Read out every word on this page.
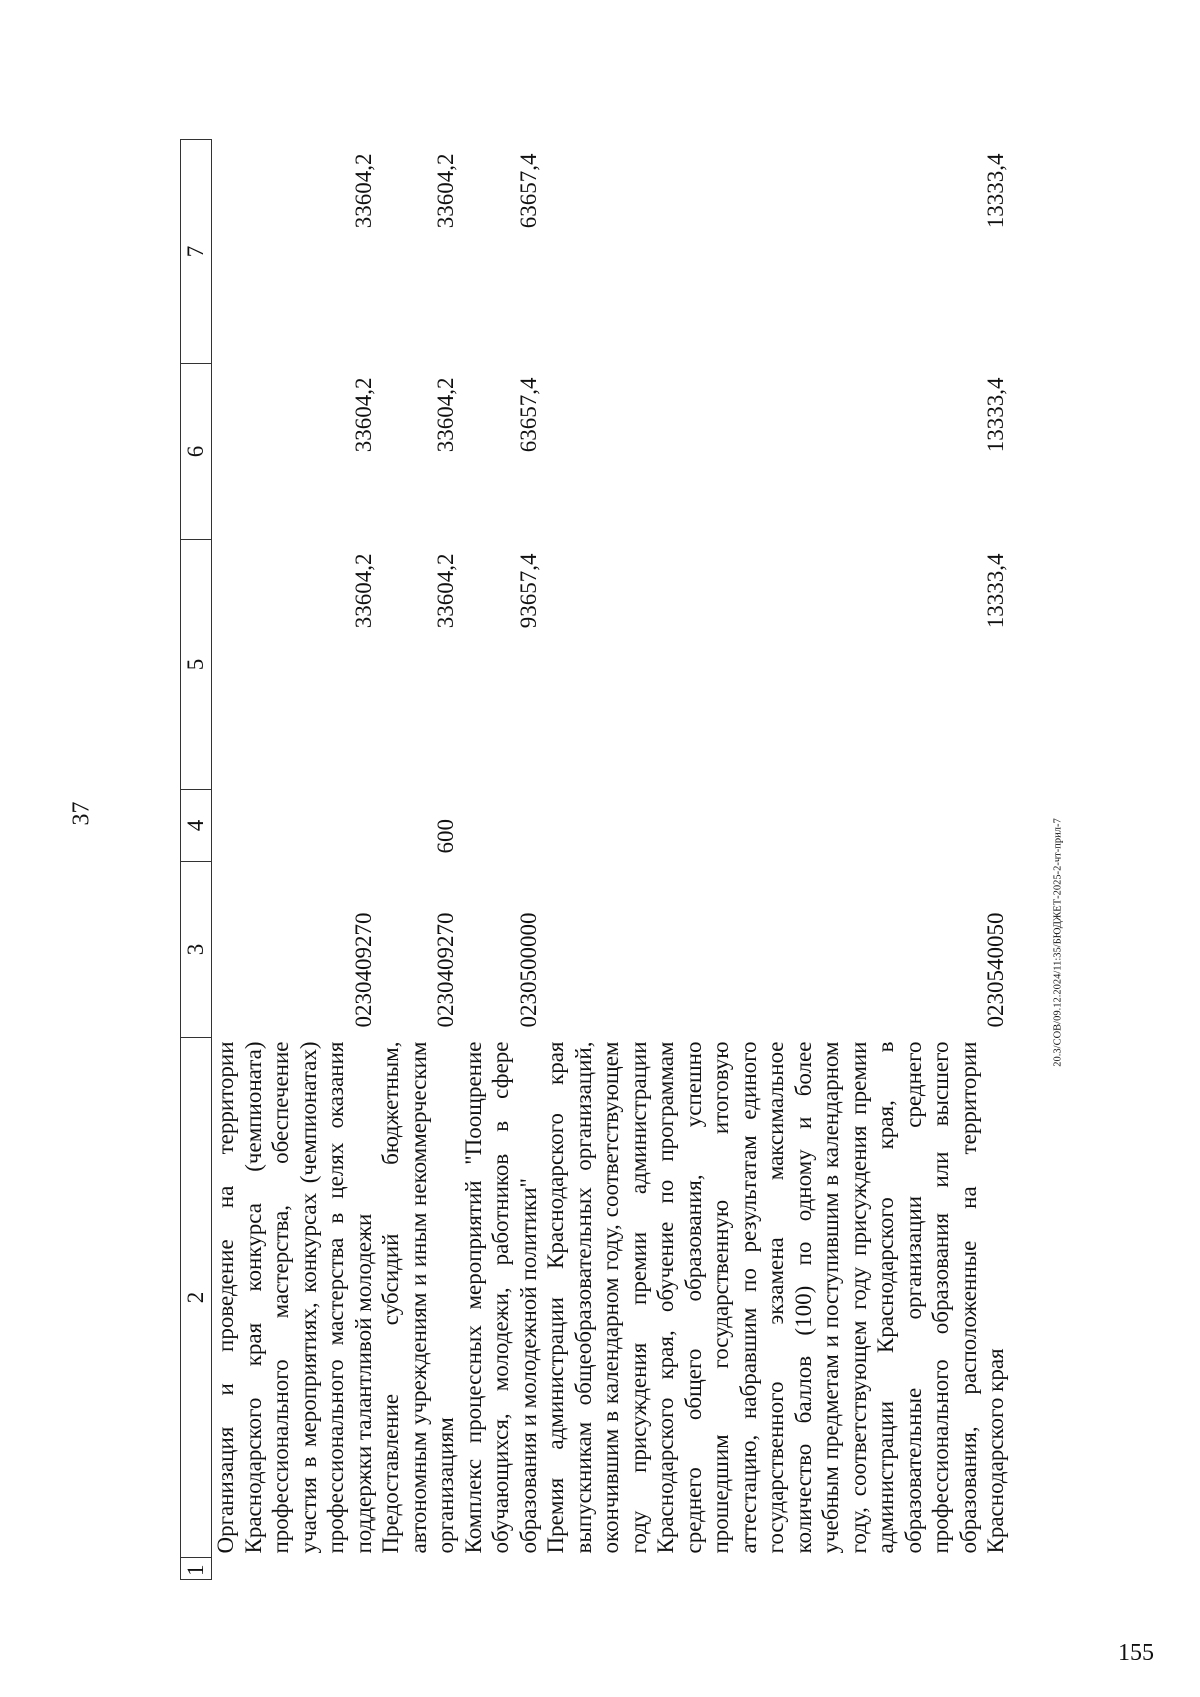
37
1	2	3	4	5	6	7
	Организация и проведение на территории Краснодарского края конкурса (чемпионата) профессионального мастерства, обеспечение участия в мероприятиях, конкурсах (чемпионатах) профессионального мастерства в целях оказания поддержки талантливой молодежи	0230409270		33604,2	33604,2	33604,2
	Предоставление субсидий бюджетным, автономным учреждениям и иным некоммерческим организациям	0230409270	600	33604,2	33604,2	33604,2
	Комплекс процессных мероприятий "Поощрение обучающихся, молодежи, работников в сфере образования и молодежной политики"	0230500000		93657,4	63657,4	63657,4
	Премия администрации Краснодарского края выпускникам общеобразовательных организаций, окончившим в календарном году, соответствующем году присуждения премии администрации Краснодарского края, обучение по программам среднего общего образования, успешно прошедшим государственную итоговую аттестацию, набравшим по результатам единого государственного экзамена максимальное количество баллов (100) по одному и более учебным предметам и поступившим в календарном году, соответствующем году присуждения премии администрации Краснодарского края, в образовательные организации среднего профессионального образования или высшего образования, расположенные на территории Краснодарского края	0230540050		13333,4	13333,4	13333,4
20.3/СОВ/09.12.2024/11:35/БЮДЖЕТ-2025-2-чт-прил-7
155
